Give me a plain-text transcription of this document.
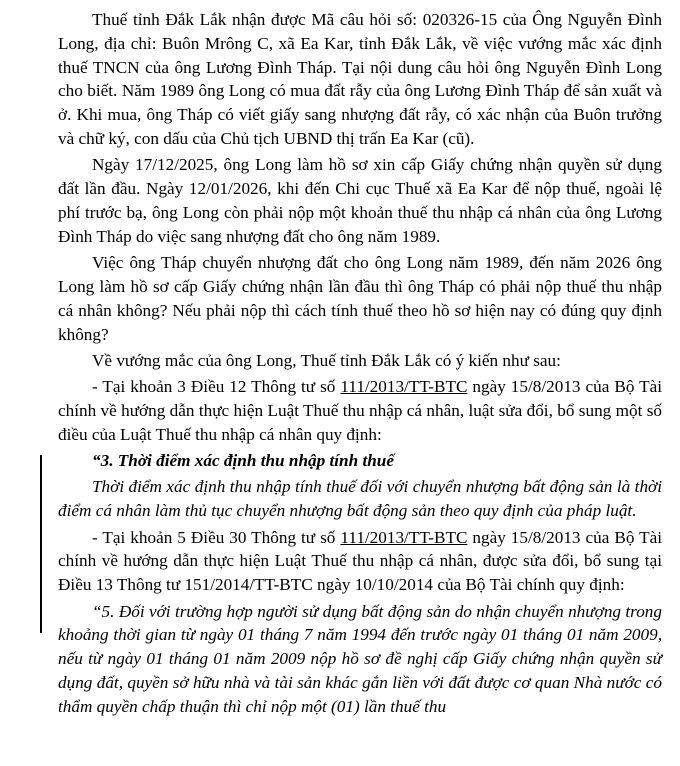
Thuế tỉnh Đắk Lắk nhận được Mã câu hỏi số: 020326-15 của Ông Nguyễn Đình Long, địa chỉ: Buôn Mrông C, xã Ea Kar, tỉnh Đắk Lắk, về việc vướng mắc xác định thuế TNCN của ông Lương Đình Tháp. Tại nội dung câu hỏi ông Nguyễn Đình Long cho biết. Năm 1989 ông Long có mua đất rẫy của ông Lương Đình Tháp để sản xuất và ở. Khi mua, ông Tháp có viết giấy sang nhượng đất rẫy, có xác nhận của Buôn trưởng và chữ ký, con dấu của Chủ tịch UBND thị trấn Ea Kar (cũ).

Ngày 17/12/2025, ông Long làm hồ sơ xin cấp Giấy chứng nhận quyền sử dụng đất lần đầu. Ngày 12/01/2026, khi đến Chi cục Thuế xã Ea Kar để nộp thuế, ngoài lệ phí trước bạ, ông Long còn phải nộp một khoản thuế thu nhập cá nhân của ông Lương Đình Tháp do việc sang nhượng đất cho ông năm 1989.

Việc ông Tháp chuyển nhượng đất cho ông Long năm 1989, đến năm 2026 ông Long làm hồ sơ cấp Giấy chứng nhận lần đầu thì ông Tháp có phải nộp thuế thu nhập cá nhân không? Nếu phải nộp thì cách tính thuế theo hồ sơ hiện nay có đúng quy định không?

Về vướng mắc của ông Long, Thuế tỉnh Đắk Lắk có ý kiến như sau:

- Tại khoản 3 Điều 12 Thông tư số 111/2013/TT-BTC ngày 15/8/2013 của Bộ Tài chính về hướng dẫn thực hiện Luật Thuế thu nhập cá nhân, luật sửa đổi, bổ sung một số điều của Luật Thuế thu nhập cá nhân quy định:

“3. Thời điểm xác định thu nhập tính thuế

Thời điểm xác định thu nhập tính thuế đối với chuyển nhượng bất động sản là thời điểm cá nhân làm thủ tục chuyển nhượng bất động sản theo quy định của pháp luật.

- Tại khoản 5 Điều 30 Thông tư số 111/2013/TT-BTC ngày 15/8/2013 của Bộ Tài chính về hướng dẫn thực hiện Luật Thuế thu nhập cá nhân, được sửa đổi, bổ sung tại Điều 13 Thông tư 151/2014/TT-BTC ngày 10/10/2014 của Bộ Tài chính quy định:

“5. Đối với trường hợp người sử dụng bất động sản do nhận chuyển nhượng trong khoảng thời gian từ ngày 01 tháng 7 năm 1994 đến trước ngày 01 tháng 01 năm 2009, nếu từ ngày 01 tháng 01 năm 2009 nộp hồ sơ đề nghị cấp Giấy chứng nhận quyền sử dụng đất, quyền sở hữu nhà và tài sản khác gắn liền với đất được cơ quan Nhà nước có thẩm quyền chấp thuận thì chỉ nộp một (01) lần thuế thu
